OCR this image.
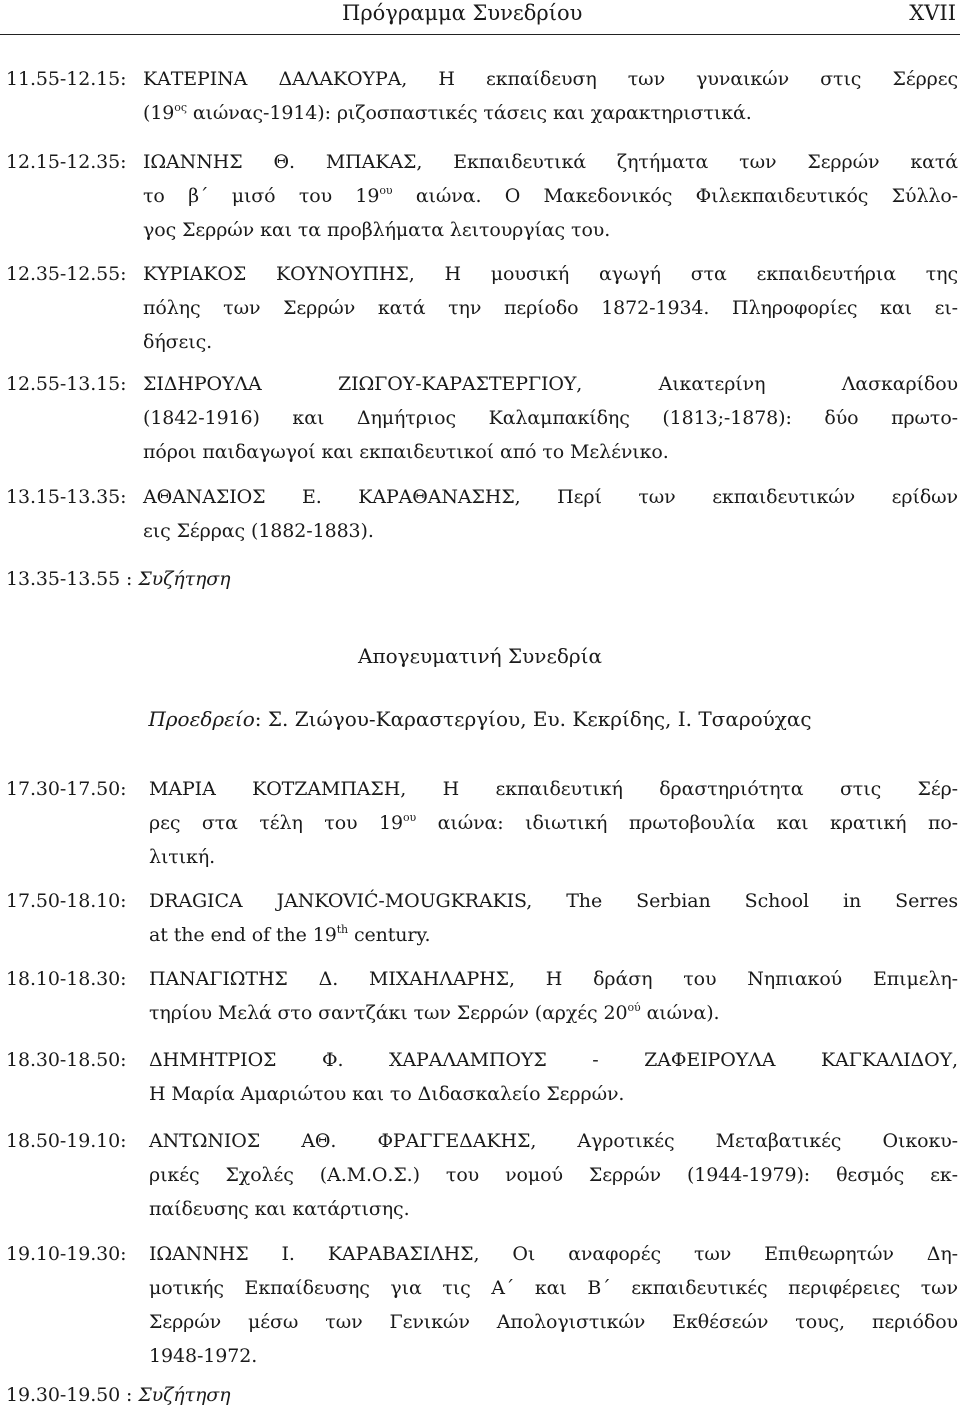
Πρόγραμμα Συνεδρίου	XVII
11.55-12.15: ΚΑΤΕΡΙΝΑ ΔΑΛΑΚΟΥΡΑ, Η εκπαίδευση των γυναικών στις Σέρρες
($19^{o\varsigma}$ αιώνας-1914): ριζοσπαστικές τάσεις και χαρακτηριστικά.
12.15-12.35: ΙΩΑΝΝΗΣ Θ. ΜΠΑΚΑΣ, Εκπαιδευτικά ζητήματα των Σερρών κατά
το β΄ μισό του $19^{o\upsilon}$ αιώνα. Ο Μακεδονικός Φιλεκπαιδευτικός Σύλλο-
γος Σερρών και τα προβλήματα λειτουργίας του.
12.35-12.55: ΚΥΡΙΑΚΟΣ ΚΟΥΝΟΥΠΗΣ, Η μουσική αγωγή στα εκπαιδευτήρια της
πόλης των Σερρών κατά την περίοδο 1872-1934. Πληροφορίες και ει-
δήσεις.
12.55-13.15: ΣΙΔΗΡΟΥΛΑ ΖΙΩΓΟΥ-ΚΑΡΑΣΤΕΡΓΙΟΥ, Αικατερίνη Λασκαρίδου
(1842-1916) και Δημήτριος Καλαμπακίδης (1813;-1878): δύο πρωτο-
πόροι παιδαγωγοί και εκπαιδευτικοί από το Μελένικο.
13.15-13.35: ΑΘΑΝΑΣΙΟΣ Ε. ΚΑΡΑΘΑΝΑΣΗΣ, Περί των εκπαιδευτικών ερίδων
εις Σέρρας (1882-1883).
13.35-13.55 : Συζήτηση
Απογευματινή Συνεδρία
Προεδρείο: Σ. Ζιώγου-Καραστεργίου, Ευ. Κεκρίδης, Ι. Τσαρούχας
17.30-17.50: ΜΑΡΙΑ ΚΟΤΖΑΜΠΑΣΗ, Η εκπαιδευτική δραστηριότητα στις Σέρ-
ρες στα τέλη του $19^{o\upsilon}$ αιώνα: ιδιωτική πρωτοβουλία και κρατική πο-
λιτική.
17.50-18.10: DRAGICA JANKOVIĆ-MOUGKRAKIS, The Serbian School in Serres
at the end of the 19th century.
18.10-18.30: ΠΑΝΑΓΙΩΤΗΣ Δ. ΜΙΧΑΗΛΑΡΗΣ, Η δράση του Νηπιακού Επιμελη-
τηρίου Μελά στο σαντζάκι των Σερρών (αρχές $20^{oύ}$ αιώνα).
18.30-18.50: ΔΗΜΗΤΡΙΟΣ Φ. ΧΑΡΑΛΑΜΠΟΥΣ - ΖΑΦΕΙΡΟΥΛΑ ΚΑΓΚΑΛΙΔΟΥ,
Η Μαρία Αμαριώτου και το Διδασκαλείο Σερρών.
18.50-19.10: ΑΝΤΩΝΙΟΣ ΑΘ. ΦΡΑΓΓΕΔΑΚΗΣ, Αγροτικές Μεταβατικές Οικοκυ-
ρικές Σχολές (Α.Μ.Ο.Σ.) του νομού Σερρών (1944-1979): θεσμός εκ-
παίδευσης και κατάρτισης.
19.10-19.30: ΙΩΑΝΝΗΣ Ι. ΚΑΡΑΒΑΣΙΛΗΣ, Οι αναφορές των Επιθεωρητών Δη-
μοτικής Εκπαίδευσης για τις Α΄ και Β΄ εκπαιδευτικές περιφέρειες των
Σερρών μέσω των Γενικών Απολογιστικών Εκθέσεών τους, περιόδου
1948-1972.
19.30-19.50 : Συζήτηση
